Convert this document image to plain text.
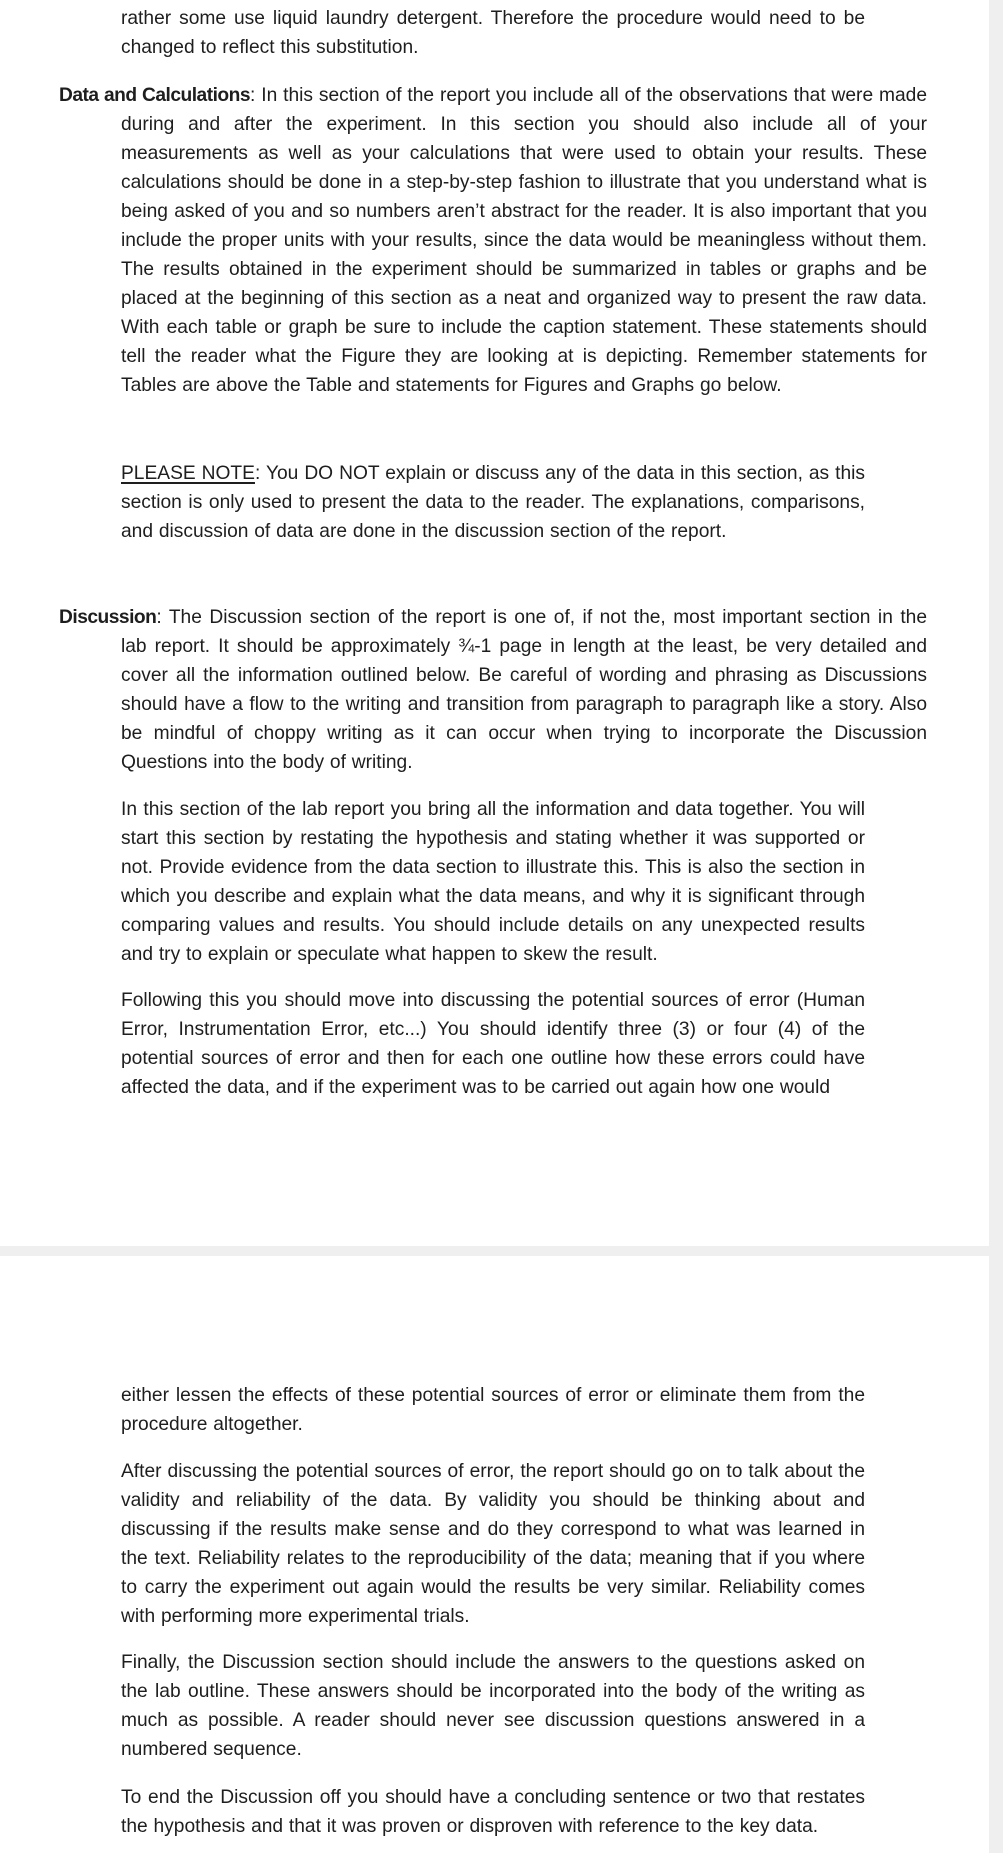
rather some use liquid laundry detergent. Therefore the procedure would need to be changed to reflect this substitution.

Data and Calculations: In this section of the report you include all of the observations that were made during and after the experiment. In this section you should also include all of your measurements as well as your calculations that were used to obtain your results. These calculations should be done in a step-by-step fashion to illustrate that you understand what is being asked of you and so numbers aren’t abstract for the reader. It is also important that you include the proper units with your results, since the data would be meaningless without them. The results obtained in the experiment should be summarized in tables or graphs and be placed at the beginning of this section as a neat and organized way to present the raw data. With each table or graph be sure to include the caption statement. These statements should tell the reader what the Figure they are looking at is depicting. Remember statements for Tables are above the Table and statements for Figures and Graphs go below.

PLEASE NOTE: You DO NOT explain or discuss any of the data in this section, as this section is only used to present the data to the reader. The explanations, comparisons, and discussion of data are done in the discussion section of the report.

Discussion: The Discussion section of the report is one of, if not the, most important section in the lab report. It should be approximately ¾-1 page in length at the least, be very detailed and cover all the information outlined below. Be careful of wording and phrasing as Discussions should have a flow to the writing and transition from paragraph to paragraph like a story. Also be mindful of choppy writing as it can occur when trying to incorporate the Discussion Questions into the body of writing.

In this section of the lab report you bring all the information and data together. You will start this section by restating the hypothesis and stating whether it was supported or not. Provide evidence from the data section to illustrate this. This is also the section in which you describe and explain what the data means, and why it is significant through comparing values and results. You should include details on any unexpected results and try to explain or speculate what happen to skew the result.

Following this you should move into discussing the potential sources of error (Human Error, Instrumentation Error, etc...) You should identify three (3) or four (4) of the potential sources of error and then for each one outline how these errors could have affected the data, and if the experiment was to be carried out again how one would

either lessen the effects of these potential sources of error or eliminate them from the procedure altogether.

After discussing the potential sources of error, the report should go on to talk about the validity and reliability of the data. By validity you should be thinking about and discussing if the results make sense and do they correspond to what was learned in the text. Reliability relates to the reproducibility of the data; meaning that if you where to carry the experiment out again would the results be very similar. Reliability comes with performing more experimental trials.

Finally, the Discussion section should include the answers to the questions asked on the lab outline. These answers should be incorporated into the body of the writing as much as possible. A reader should never see discussion questions answered in a numbered sequence.

To end the Discussion off you should have a concluding sentence or two that restates the hypothesis and that it was proven or disproven with reference to the key data.
